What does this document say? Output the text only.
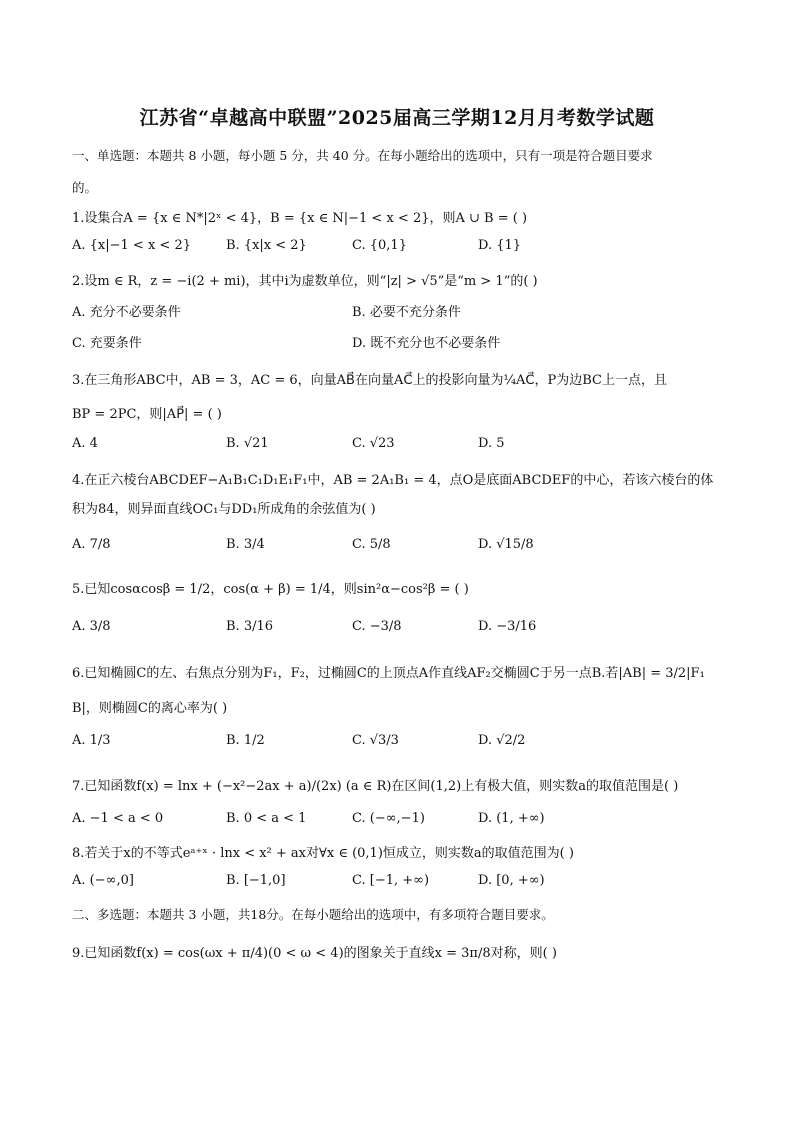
江苏省“卓越高中联盟”2025届高三学期12月月考数学试题
一、单选题：本题共 8 小题，每小题 5 分，共 40 分。在每小题给出的选项中，只有一项是符合题目要求
的。
1.设集合A = {x ∈ N*|2ˣ < 4}，B = {x ∈ N|−1 < x < 2}，则A ∪ B = ( )
A. {x|−1 < x < 2}	B. {x|x < 2}	C. {0,1}	D. {1}
2.设m ∈ R，z = −i(2 + mi)，其中i为虚数单位，则“|z| > √5”是“m > 1”的( )
A. 充分不必要条件	B. 必要不充分条件
C. 充要条件	D. 既不充分也不必要条件
3.在三角形ABC中，AB = 3，AC = 6，向量AB⃗在向量AC⃗上的投影向量为¼AC⃗，P为边BC上一点，且
BP = 2PC，则|AP⃗| = ( )
A. 4	B. √21	C. √23	D. 5
4.在正六棱台ABCDEF−A₁B₁C₁D₁E₁F₁中，AB = 2A₁B₁ = 4，点O是底面ABCDEF的中心，若该六棱台的体
积为84，则异面直线OC₁与DD₁所成角的余弦值为( )
A. 7/8	B. 3/4	C. 5/8	D. √15/8
5.已知cosαcosβ = 1/2，cos(α + β) = 1/4，则sin²α−cos²β = ( )
A. 3/8	B. 3/16	C. −3/8	D. −3/16
6.已知椭圆C的左、右焦点分别为F₁，F₂，过椭圆C的上顶点A作直线AF₂交椭圆C于另一点B.若|AB| = 3/2|F₁
B|，则椭圆C的离心率为( )
A. 1/3	B. 1/2	C. √3/3	D. √2/2
7.已知函数f(x) = lnx + (−x²−2ax + a)/(2x) (a ∈ R)在区间(1,2)上有极大值，则实数a的取值范围是( )
A. −1 < a < 0	B. 0 < a < 1	C. (−∞,−1)	D. (1, +∞)
8.若关于x的不等式eᵃ⁺ˣ · lnx < x² + ax对∀x ∈ (0,1)恒成立，则实数a的取值范围为( )
A. (−∞,0]	B. [−1,0]	C. [−1, +∞)	D. [0, +∞)
二、多选题：本题共 3 小题，共18分。在每小题给出的选项中，有多项符合题目要求。
9.已知函数f(x) = cos(ωx + π/4)(0 < ω < 4)的图象关于直线x = 3π/8对称，则( )
